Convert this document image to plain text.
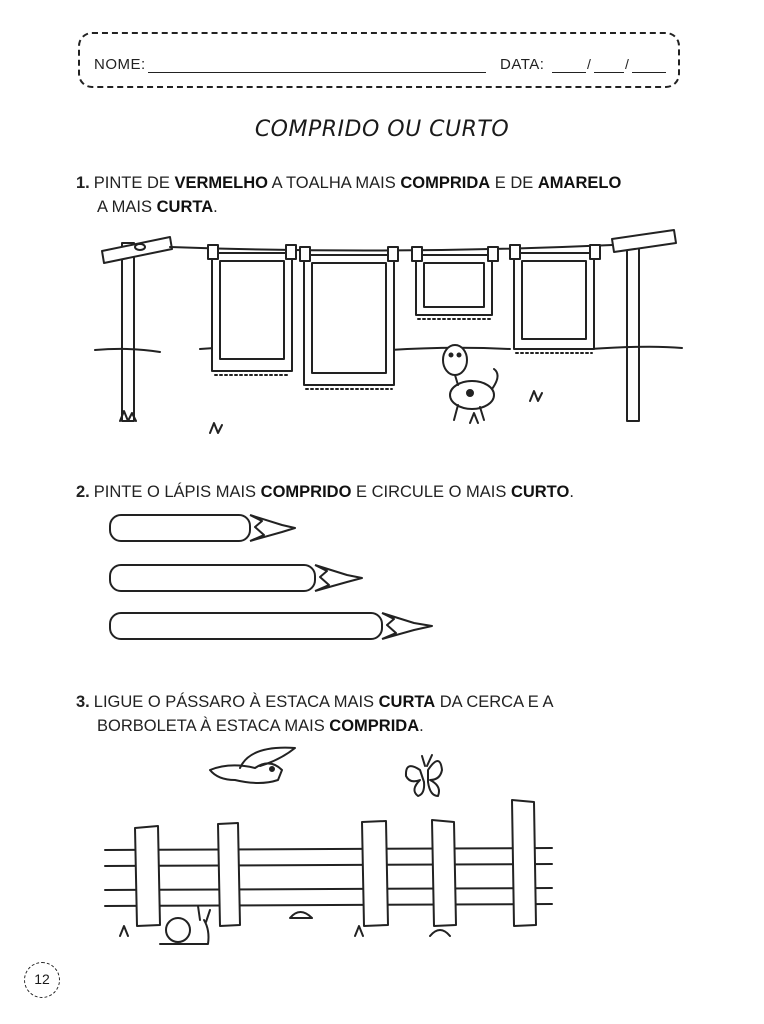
NOME:	DATA:	/ /
COMPRIDO OU CURTO
1. PINTE DE VERMELHO A TOALHA MAIS COMPRIDA E DE AMARELO
A MAIS CURTA.
2. PINTE O LÁPIS MAIS COMPRIDO E CIRCULE O MAIS CURTO.
3. LIGUE O PÁSSARO À ESTACA MAIS CURTA DA CERCA E A
BORBOLETA À ESTACA MAIS COMPRIDA.
12
